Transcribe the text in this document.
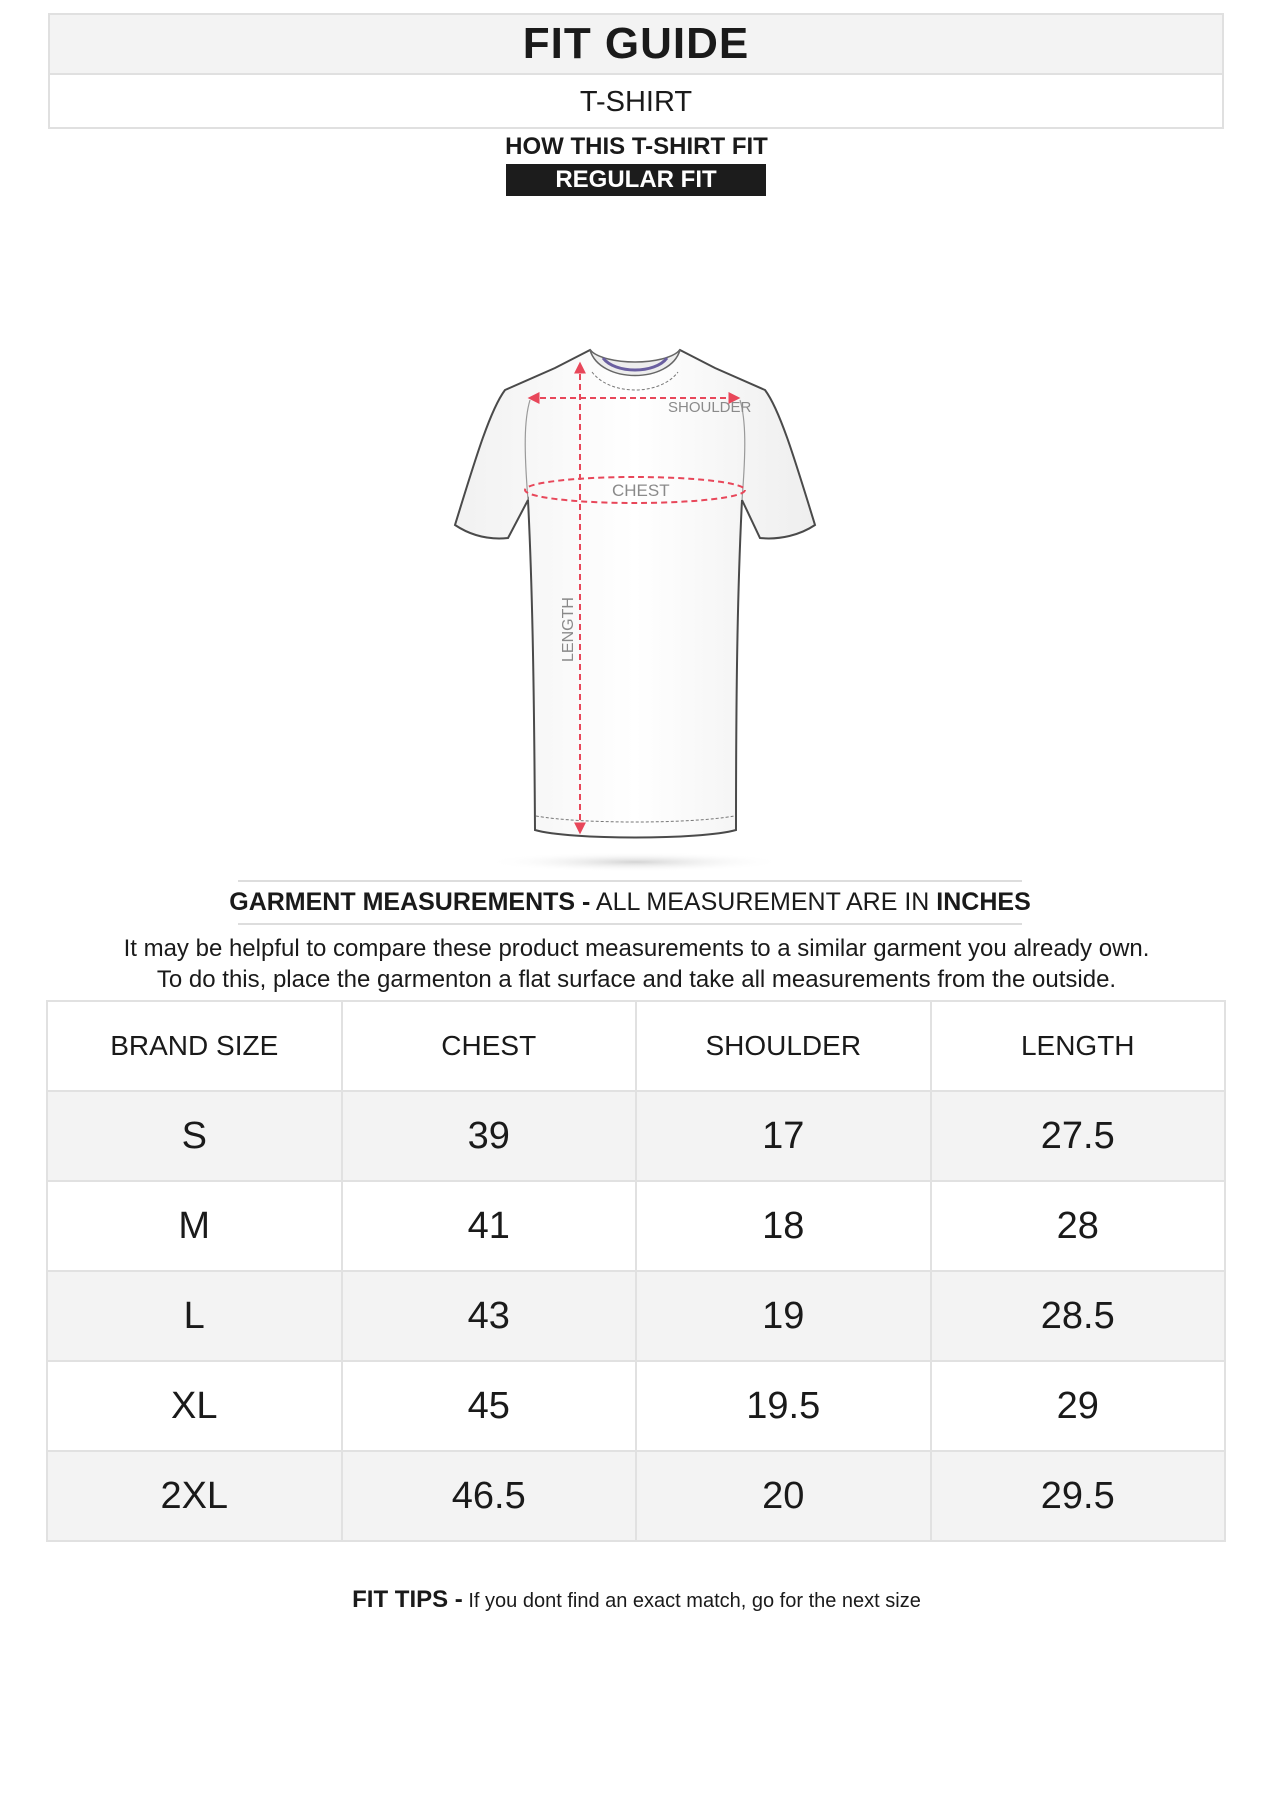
FIT GUIDE
T-SHIRT
HOW THIS T-SHIRT FIT
REGULAR FIT
SHOULDER
CHEST
LENGTH
GARMENT MEASUREMENTS - ALL MEASUREMENT ARE IN INCHES
It may be helpful to compare these product measurements to a similar garment you already own.
To do this, place the garmenton a flat surface and take all measurements from the outside.
BRAND SIZE	CHEST	SHOULDER	LENGTH
S	39	17	27.5
M	41	18	28
L	43	19	28.5
XL	45	19.5	29
2XL	46.5	20	29.5
FIT TIPS - If you dont find an exact match, go for the next size
